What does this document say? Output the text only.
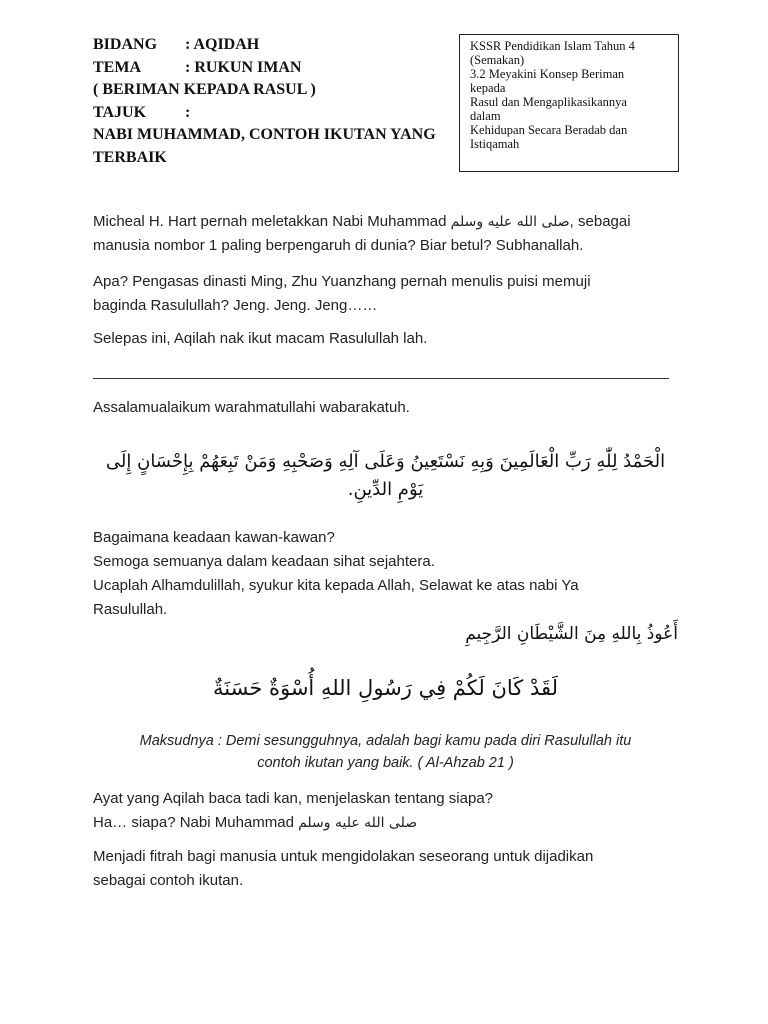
BIDANG	: AQIDAH
TEMA	: RUKUN IMAN
( BERIMAN KEPADA RASUL )
TAJUK	:
NABI MUHAMMAD, CONTOH IKUTAN YANG
TERBAIK
KSSR Pendidikan Islam Tahun 4
(Semakan)
3.2 Meyakini Konsep Beriman
kepada
Rasul dan Mengaplikasikannya
dalam
Kehidupan Secara Beradab dan
Istiqamah
Micheal H. Hart pernah meletakkan Nabi Muhammad صلى الله عليه وسلم, sebagai
manusia nombor 1 paling berpengaruh di dunia? Biar betul? Subhanallah.
Apa? Pengasas dinasti Ming, Zhu Yuanzhang pernah menulis puisi memuji
baginda Rasulullah? Jeng. Jeng. Jeng……
Selepas ini, Aqilah nak ikut macam Rasulullah lah.
Assalamualaikum warahmatullahi wabarakatuh.
الْحَمْدُ لِلّٰهِ رَبِّ الْعَالَمِينَ وَبِهِ نَسْتَعِينُ وَعَلَى آلِهِ وَصَحْبِهِ وَمَنْ تَبِعَهُمْ بِإِحْسَانٍ إِلَى يَوْمِ الدِّينِ.
Bagaimana keadaan kawan-kawan?
Semoga semuanya dalam keadaan sihat sejahtera.
Ucaplah Alhamdulillah, syukur kita kepada Allah, Selawat ke atas nabi Ya
Rasulullah.
أَعُوذُ بِاللهِ مِنَ الشَّيْطَانِ الرَّجِيمِ
لَقَدْ كَانَ لَكُمْ فِي رَسُولِ اللهِ أُسْوَةٌ حَسَنَةٌ
Maksudnya : Demi sesungguhnya, adalah bagi kamu pada diri Rasulullah itu
contoh ikutan yang baik. ( Al-Ahzab 21 )
Ayat yang Aqilah baca tadi kan, menjelaskan tentang siapa?
Ha… siapa? Nabi Muhammad صلى الله عليه وسلم
Menjadi fitrah bagi manusia untuk mengidolakan seseorang untuk dijadikan
sebagai contoh ikutan.
